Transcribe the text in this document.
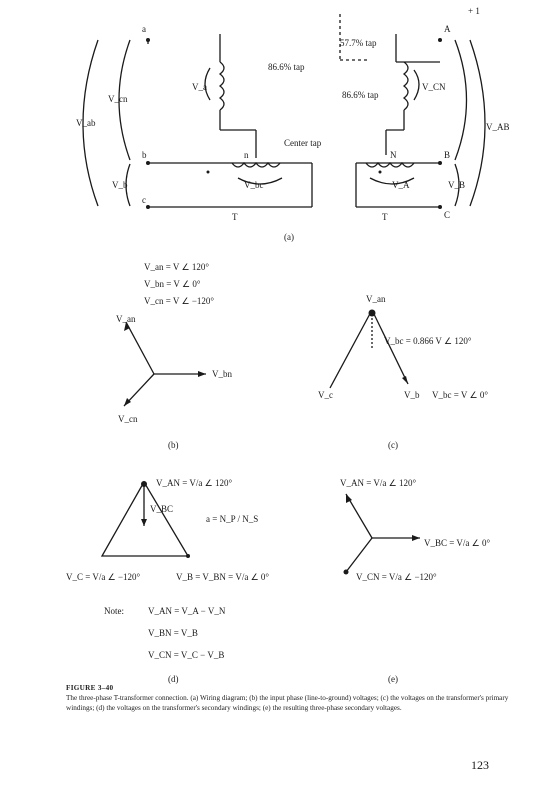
V_ab
V_cn
V_b
V_a
V_bc
86.6% tap
Center tap
a
b
c
n
T
57.7% tap
86.6% tap
V_CN
V_AB
V_B
V_A
A
B
C
N
T
+ 1
(a)
V_an = V ∠ 120°
V_bn = V ∠ 0°
V_cn = V ∠ −120°
V_an
V_bn
V_cn
(b)
V_an
V_bc = 0.866 V ∠ 120°
V_c	V_b V_bc = V ∠ 0°
(c)
V_AN = V/a ∠ 120°
V_BC
a = N_P / N_S
V_C = V/a ∠ −120°	V_B = V_BN = V/a ∠ 0°
Note:	V_AN = V_A − V_N
V_BN = V_B
V_CN = V_C − V_B
(d)
V_AN = V/a ∠ 120°
V_BC = V/a ∠ 0°
V_CN = V/a ∠ −120°
(e)
FIGURE 3–40
The three-phase T-transformer connection. (a) Wiring diagram; (b) the input phase (line-to-ground) voltages; (c) the voltages on the transformer's primary windings; (d) the voltages on the transformer's secondary windings; (e) the resulting three-phase secondary voltages.
123
